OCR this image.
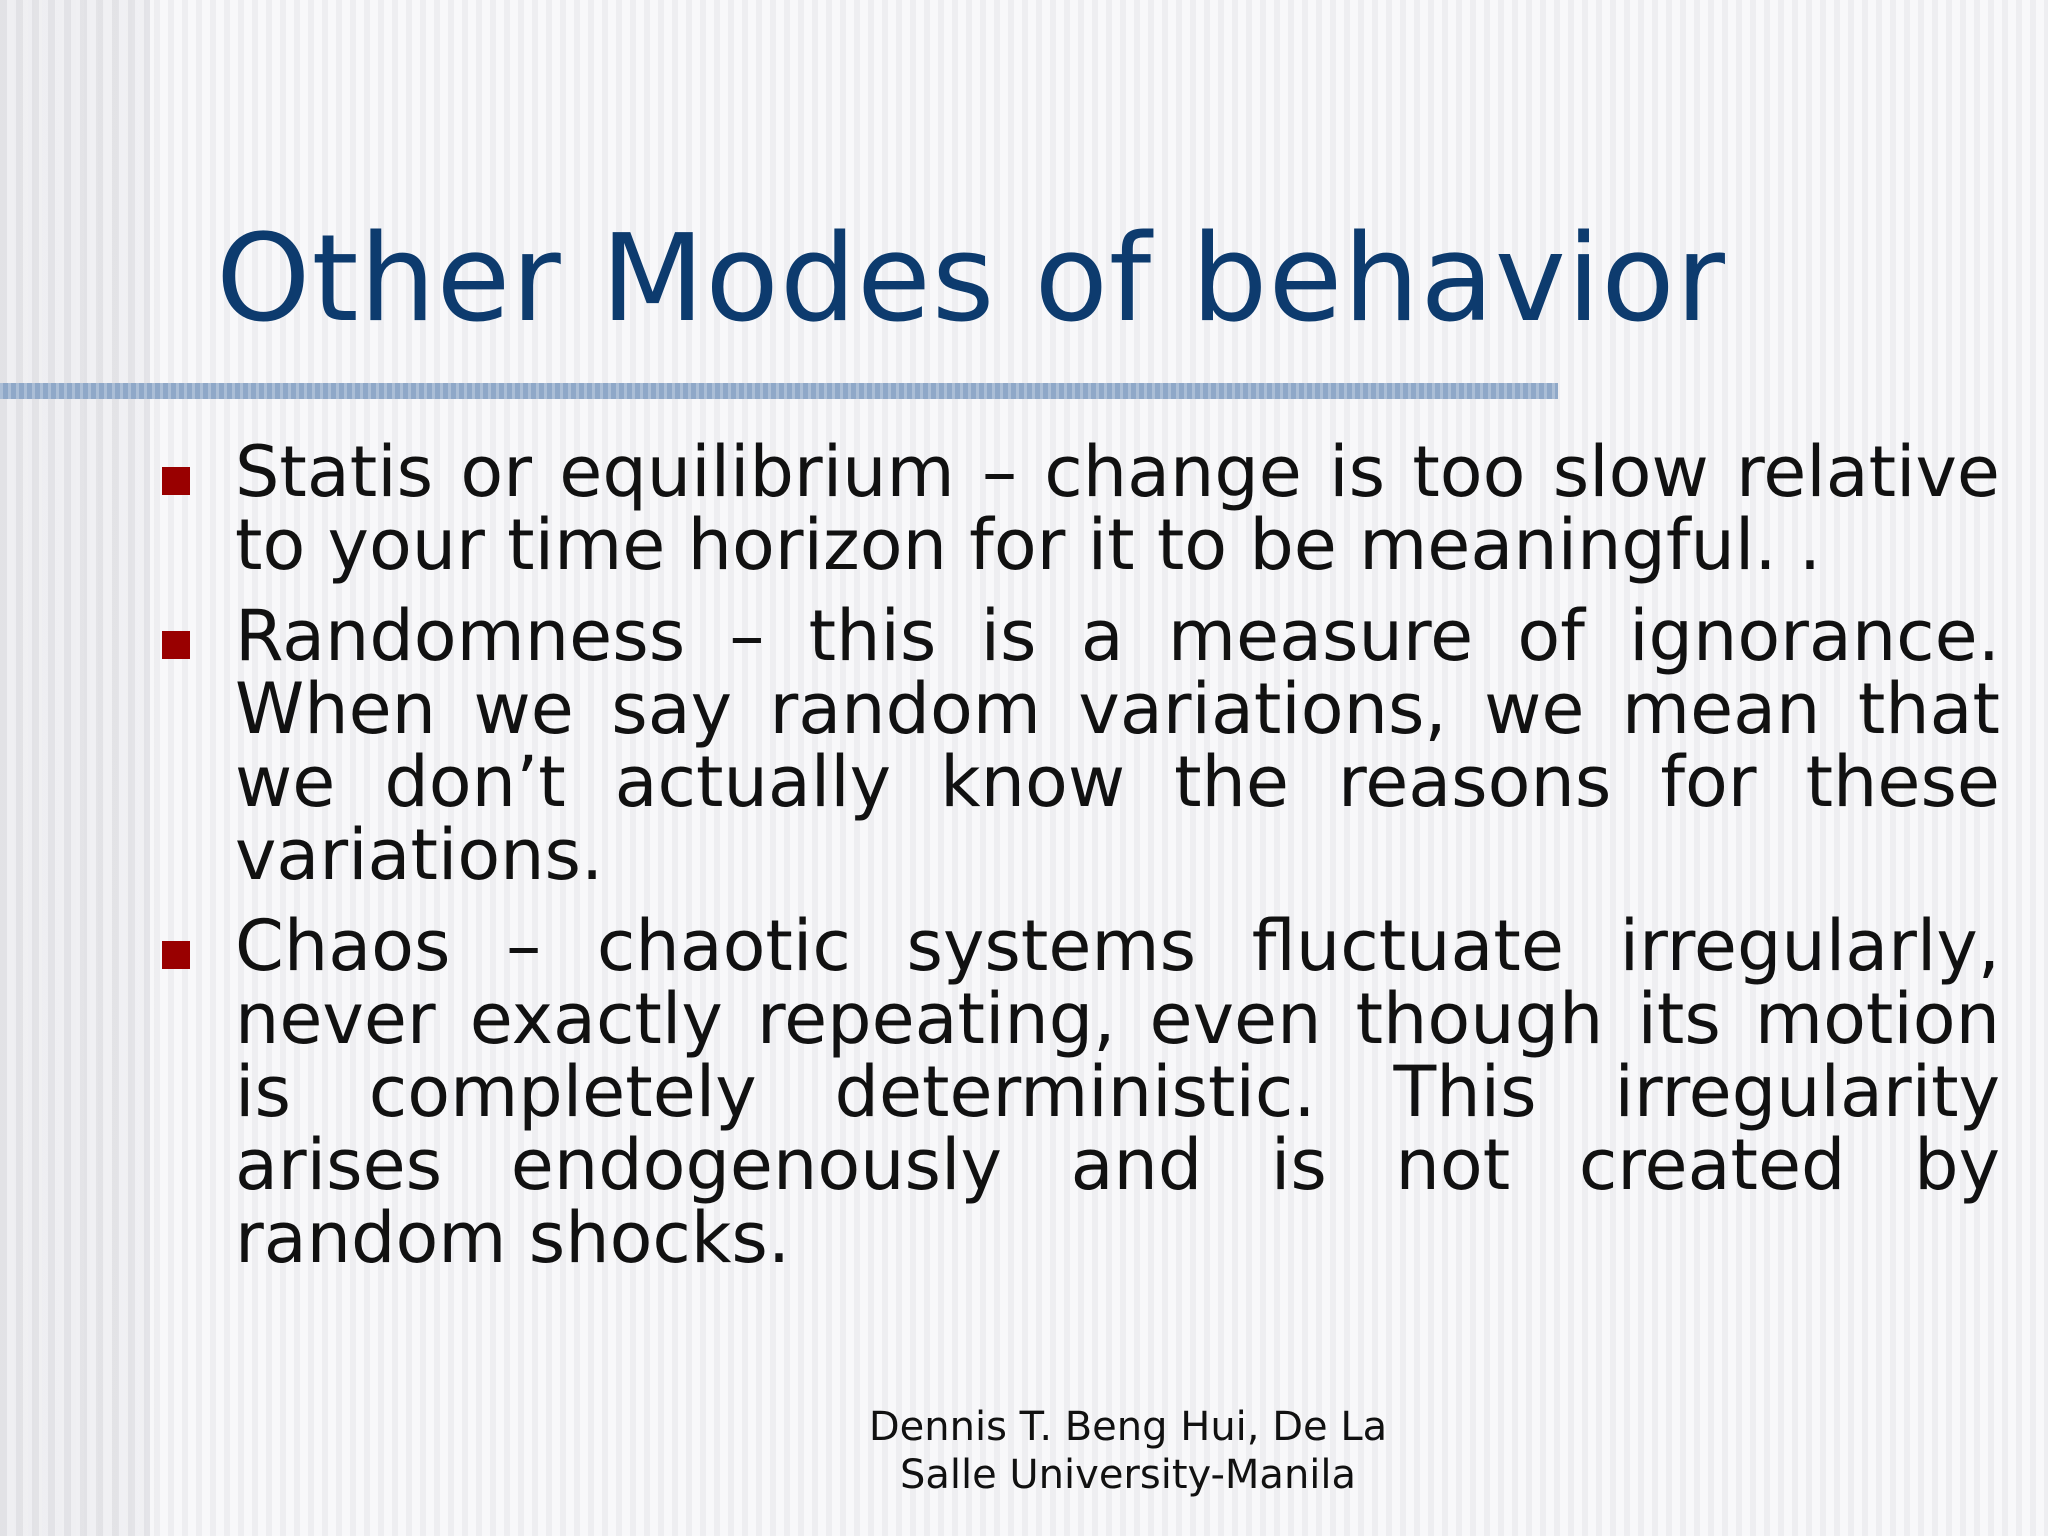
Other Modes of behavior
Statis or equilibrium – change is too slow relative to your time horizon for it to be meaningful. .
Randomness – this is a measure of ignorance. When we say random variations, we mean that we don’t actually know the reasons for these variations.
Chaos – chaotic systems fluctuate irregularly, never exactly repeating, even though its motion is completely deterministic. This irregularity arises endogenously and is not created by random shocks.
Dennis T. Beng Hui, De La
Salle University-Manila
